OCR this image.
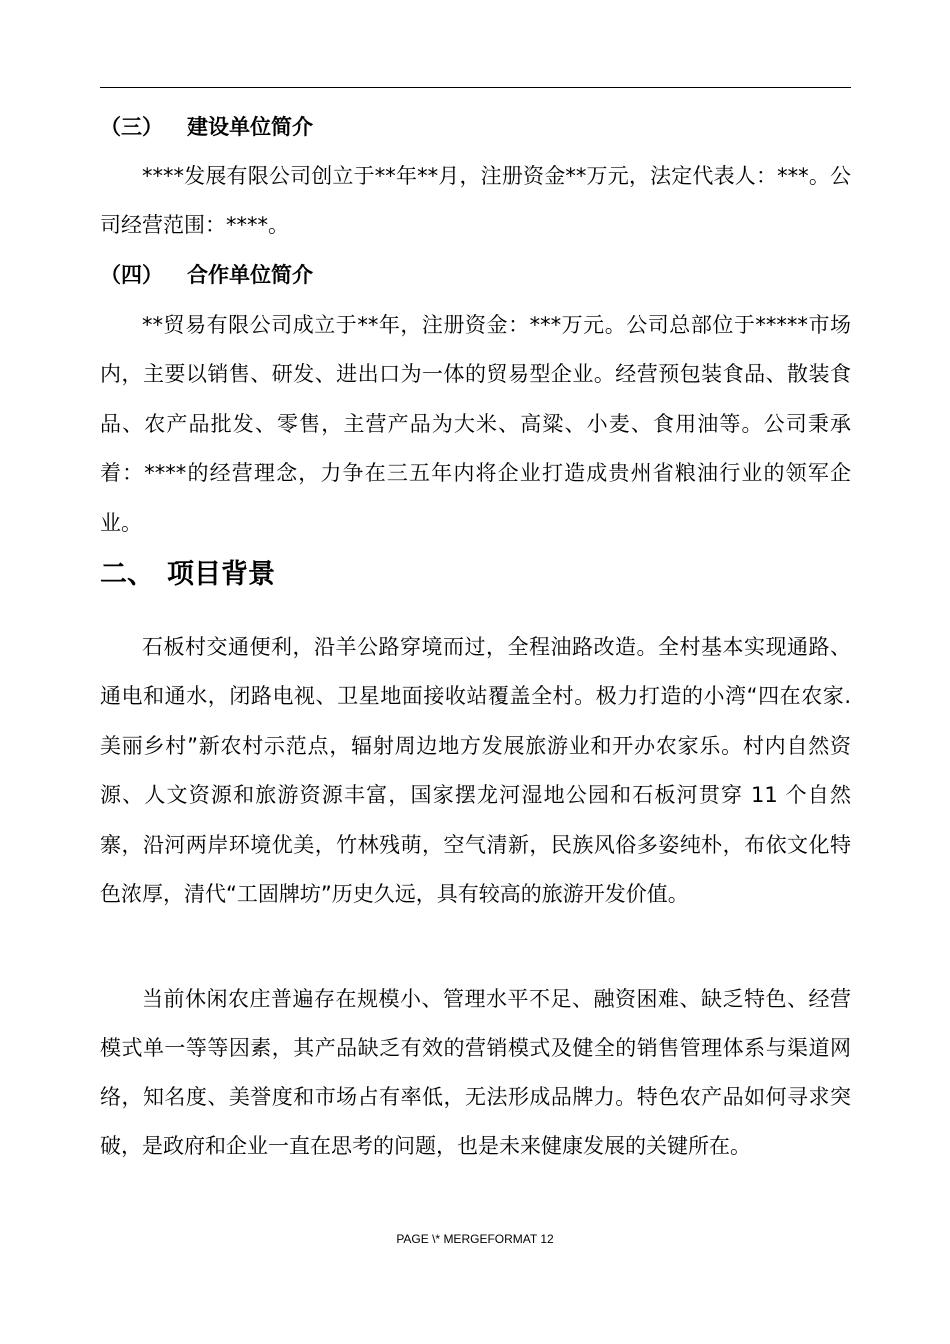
（三） 建设单位简介

****发展有限公司创立于**年**月，注册资金**万元，法定代表人：***。公司经营范围：****。

（四） 合作单位简介

**贸易有限公司成立于**年，注册资金：***万元。公司总部位于*****市场内，主要以销售、研发、进出口为一体的贸易型企业。经营预包装食品、散装食品、农产品批发、零售，主营产品为大米、高粱、小麦、食用油等。公司秉承着：****的经营理念，力争在三五年内将企业打造成贵州省粮油行业的领军企业。

二、 项目背景

石板村交通便利，沿羊公路穿境而过，全程油路改造。全村基本实现通路、通电和通水，闭路电视、卫星地面接收站覆盖全村。极力打造的小湾“四在农家.美丽乡村”新农村示范点，辐射周边地方发展旅游业和开办农家乐。村内自然资源、人文资源和旅游资源丰富，国家摆龙河湿地公园和石板河贯穿 11 个自然寨，沿河两岸环境优美，竹林残萌，空气清新，民族风俗多姿纯朴，布依文化特色浓厚，清代“工固牌坊”历史久远，具有较高的旅游开发价值。

当前休闲农庄普遍存在规模小、管理水平不足、融资困难、缺乏特色、经营模式单一等等因素，其产品缺乏有效的营销模式及健全的销售管理体系与渠道网络，知名度、美誉度和市场占有率低，无法形成品牌力。特色农产品如何寻求突破，是政府和企业一直在思考的问题，也是未来健康发展的关键所在。

PAGE \* MERGEFORMAT 12
